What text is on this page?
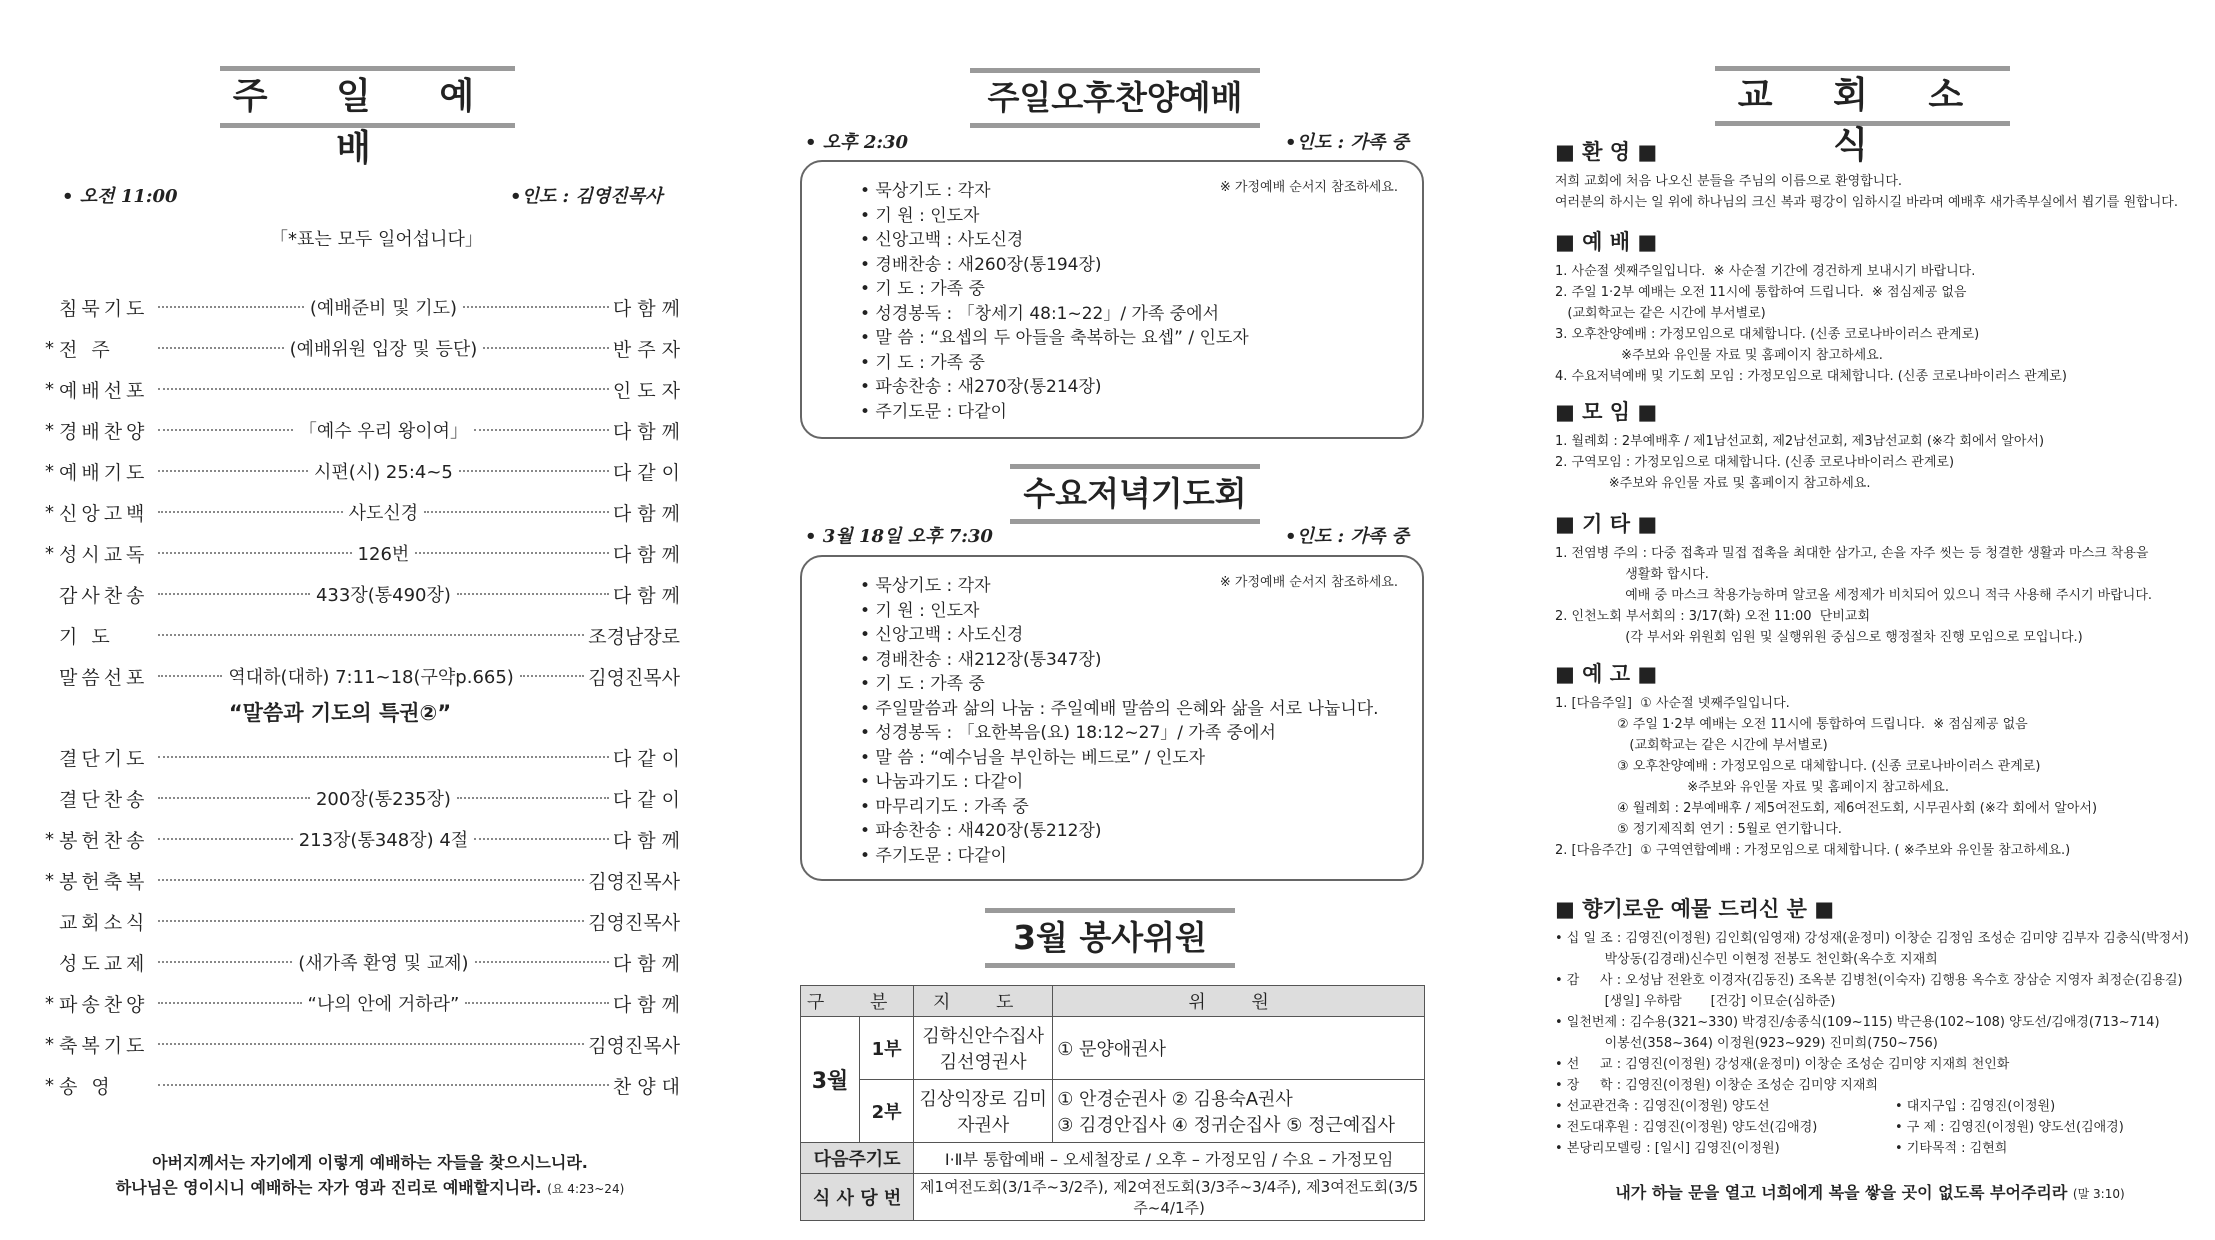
주 일 예 배
• 오전 11:00	•인도 : 김영진목사
「*표는 모두 일어섭니다」
침묵기도	(예배준비 및 기도)	다 함 께
* 전 주	(예배위원 입장 및 등단)	반 주 자
* 예배선포	인 도 자
* 경배찬양	「예수 우리 왕이여」	다 함 께
* 예배기도	시편(시) 25:4~5	다 같 이
* 신앙고백	사도신경	다 함 께
* 성시교독	126번	다 함 께
감사찬송	433장(통490장)	다 함 께
기 도	조경남장로
말씀선포	역대하(대하) 7:11~18(구약p.665)	김영진목사
“말씀과 기도의 특권②”
결단기도	다 같 이
결단찬송	200장(통235장)	다 같 이
* 봉헌찬송	213장(통348장) 4절	다 함 께
* 봉헌축복	김영진목사
교회소식	김영진목사
성도교제	(새가족 환영 및 교제)	다 함 께
* 파송찬양	“나의 안에 거하라”	다 함 께
* 축복기도	김영진목사
* 송 영	찬 양 대
아버지께서는 자기에게 이렇게 예배하는 자들을 찾으시느니라.
하나님은 영이시니 예배하는 자가 영과 진리로 예배할지니라. (요 4:23~24)
주일오후찬양예배
• 오후 2:30	•인도 : 가족 중
※ 가정예배 순서지 참조하세요.
• 묵상기도 : 각자
• 기 원 : 인도자
• 신앙고백 : 사도신경
• 경배찬송 : 새260장(통194장)
• 기 도 : 가족 중
• 성경봉독 : 「창세기 48:1~22」/ 가족 중에서
• 말 씀 : “요셉의 두 아들을 축복하는 요셉” / 인도자
• 기 도 : 가족 중
• 파송찬송 : 새270장(통214장)
• 주기도문 : 다같이
수요저녁기도회
• 3월 18일 오후 7:30	•인도 : 가족 중
※ 가정예배 순서지 참조하세요.
• 묵상기도 : 각자
• 기 원 : 인도자
• 신앙고백 : 사도신경
• 경배찬송 : 새212장(통347장)
• 기 도 : 가족 중
• 주일말씀과 삶의 나눔 : 주일예배 말씀의 은혜와 삶을 서로 나눕니다.
• 성경봉독 : 「요한복음(요) 18:12~27」/ 가족 중에서
• 말 씀 : “예수님을 부인하는 베드로” / 인도자
• 나눔과기도 : 다같이
• 마무리기도 : 가족 중
• 파송찬송 : 새420장(통212장)
• 주기도문 : 다같이
3월 봉사위원
구 분		지 도	위 원
3월	1부	김학신안수집사 김선영권사	① 문양애권사
	2부	김상익장로 김미자권사	① 안경순권사 ② 김용숙A권사
③ 김경안집사 ④ 정귀순집사 ⑤ 정근예집사

다음주기도		Ⅰ·Ⅱ부 통합예배 – 오세철장로 / 오후 – 가정모임 / 수요 – 가정모임	
식 사 당 번		제1여전도회(3/1주~3/2주), 제2여전도회(3/3주~3/4주), 제3여전도회(3/5주~4/1주)	
교 회 소 식
■ 환 영 ■
저희 교회에 처음 나오신 분들을 주님의 이름으로 환영합니다.
여러분의 하시는 일 위에 하나님의 크신 복과 평강이 임하시길 바라며 예배후 새가족부실에서 뵙기를 원합니다.
■ 예 배 ■
1. 사순절 셋째주일입니다.  ※ 사순절 기간에 경건하게 보내시기 바랍니다.
2. 주일 1·2부 예배는 오전 11시에 통합하여 드립니다.  ※ 점심제공 없음
(교회학교는 같은 시간에 부서별로)
3. 오후찬양예배 : 가정모임으로 대체합니다. (신종 코로나바이러스 관계로)
※주보와 유인물 자료 및 홈페이지 참고하세요.
4. 수요저녁예배 및 기도회 모임 : 가정모임으로 대체합니다. (신종 코로나바이러스 관계로)
■ 모 임 ■
1. 월례회 : 2부예배후 / 제1남선교회, 제2남선교회, 제3남선교회 (※각 회에서 알아서)
2. 구역모임 : 가정모임으로 대체합니다. (신종 코로나바이러스 관계로)
※주보와 유인물 자료 및 홈페이지 참고하세요.
■ 기 타 ■
1. 전염병 주의 : 다중 접촉과 밀접 접촉을 최대한 삼가고, 손을 자주 씻는 등 청결한 생활과 마스크 착용을
생활화 합시다.
예배 중 마스크 착용가능하며 알코올 세정제가 비치되어 있으니 적극 사용해 주시기 바랍니다.
2. 인천노회 부서회의 : 3/17(화) 오전 11:00  단비교회
(각 부서와 위원회 임원 및 실행위원 중심으로 행정절차 진행 모임으로 모입니다.)
■ 예 고 ■
1. [다음주일]  ① 사순절 넷째주일입니다.
② 주일 1·2부 예배는 오전 11시에 통합하여 드립니다.  ※ 점심제공 없음
(교회학교는 같은 시간에 부서별로)
③ 오후찬양예배 : 가정모임으로 대체합니다. (신종 코로나바이러스 관계로)
※주보와 유인물 자료 및 홈페이지 참고하세요.
④ 월례회 : 2부예배후 / 제5여전도회, 제6여전도회, 시무권사회 (※각 회에서 알아서)
⑤ 정기제직회 연기 : 5월로 연기합니다.
2. [다음주간]  ① 구역연합예배 : 가정모임으로 대체합니다. ( ※주보와 유인물 참고하세요.)
■ 향기로운 예물 드리신 분 ■
• 십 일 조 : 김영진(이정원) 김인회(임영재) 강성재(윤정미) 이창순 김정임 조성순 김미양 김부자 김충식(박정서)
박상동(김경래)신수민 이현정 전봉도 천인화(옥수호 지재희
• 감     사 : 오성남 전완호 이경자(김동진) 조옥분 김병천(이숙자) 김행용 옥수호 장삼순 지영자 최정순(김용길)
[생일] 우하람       [건강] 이묘순(심하준)
• 일천번제 : 김수용(321~330) 박경진/송종식(109~115) 박근용(102~108) 양도선/김애경(713~714)
이봉선(358~364) 이정원(923~929) 진미희(750~756)
• 선     교 : 김영진(이정원) 강성재(윤정미) 이창순 조성순 김미양 지재희 천인화
• 장     학 : 김영진(이정원) 이창순 조성순 김미양 지재희
• 선교관건축 : 김영진(이정원) 양도선	• 대지구입 : 김영진(이정원)
• 전도대후원 : 김영진(이정원) 양도선(김애경)	• 구 제 : 김영진(이정원) 양도선(김애경)
• 본당리모델링 : [일시] 김영진(이정원)	• 기타목적 : 김현희
내가 하늘 문을 열고 너희에게 복을 쌓을 곳이 없도록 부어주리라 (말 3:10)
